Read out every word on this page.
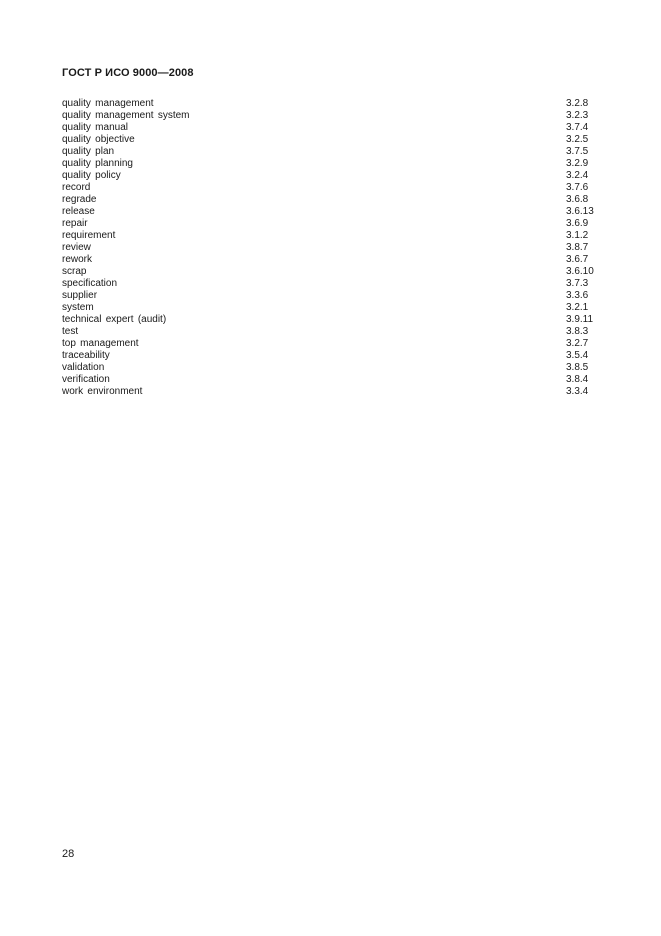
ГОСТ Р ИСО 9000—2008
quality management	3.2.8
quality management system	3.2.3
quality manual	3.7.4
quality objective	3.2.5
quality plan	3.7.5
quality planning	3.2.9
quality policy	3.2.4
record	3.7.6
regrade	3.6.8
release	3.6.13
repair	3.6.9
requirement	3.1.2
review	3.8.7
rework	3.6.7
scrap	3.6.10
specification	3.7.3
supplier	3.3.6
system	3.2.1
technical expert (audit)	3.9.11
test	3.8.3
top management	3.2.7
traceability	3.5.4
validation	3.8.5
verification	3.8.4
work environment	3.3.4
28
